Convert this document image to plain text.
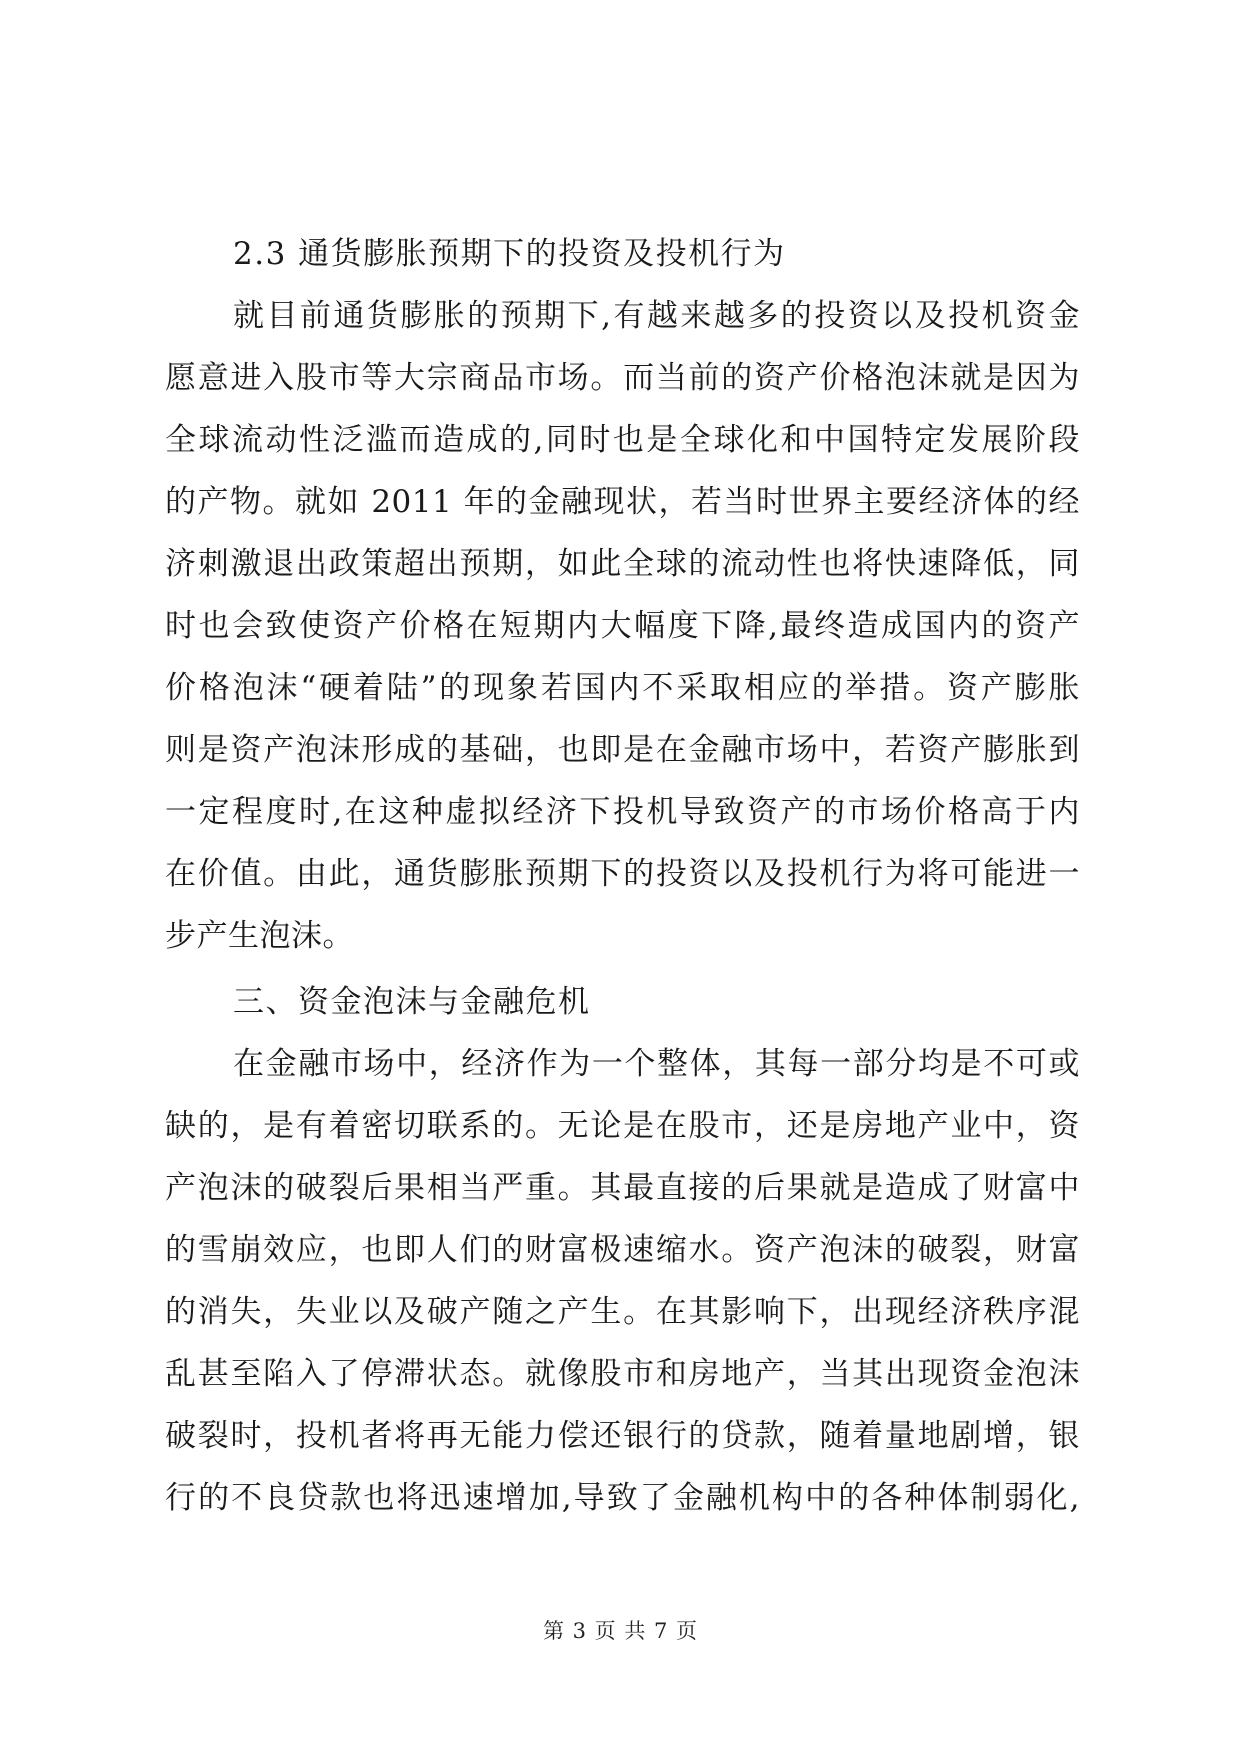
2.3 通货膨胀预期下的投资及投机行为
就目前通货膨胀的预期下,有越来越多的投资以及投机资金
愿意进入股市等大宗商品市场。而当前的资产价格泡沫就是因为
全球流动性泛滥而造成的,同时也是全球化和中国特定发展阶段
的产物。就如 2011 年的金融现状，若当时世界主要经济体的经
济刺激退出政策超出预期，如此全球的流动性也将快速降低，同
时也会致使资产价格在短期内大幅度下降,最终造成国内的资产
价格泡沫“硬着陆”的现象若国内不采取相应的举措。资产膨胀
则是资产泡沫形成的基础，也即是在金融市场中，若资产膨胀到
一定程度时,在这种虚拟经济下投机导致资产的市场价格高于内
在价值。由此，通货膨胀预期下的投资以及投机行为将可能进一
步产生泡沫。
三、资金泡沫与金融危机
在金融市场中，经济作为一个整体，其每一部分均是不可或
缺的，是有着密切联系的。无论是在股市，还是房地产业中，资
产泡沫的破裂后果相当严重。其最直接的后果就是造成了财富中
的雪崩效应，也即人们的财富极速缩水。资产泡沫的破裂，财富
的消失，失业以及破产随之产生。在其影响下，出现经济秩序混
乱甚至陷入了停滞状态。就像股市和房地产，当其出现资金泡沫
破裂时，投机者将再无能力偿还银行的贷款，随着量地剧增，银
行的不良贷款也将迅速增加,导致了金融机构中的各种体制弱化,
第 3 页 共 7 页
